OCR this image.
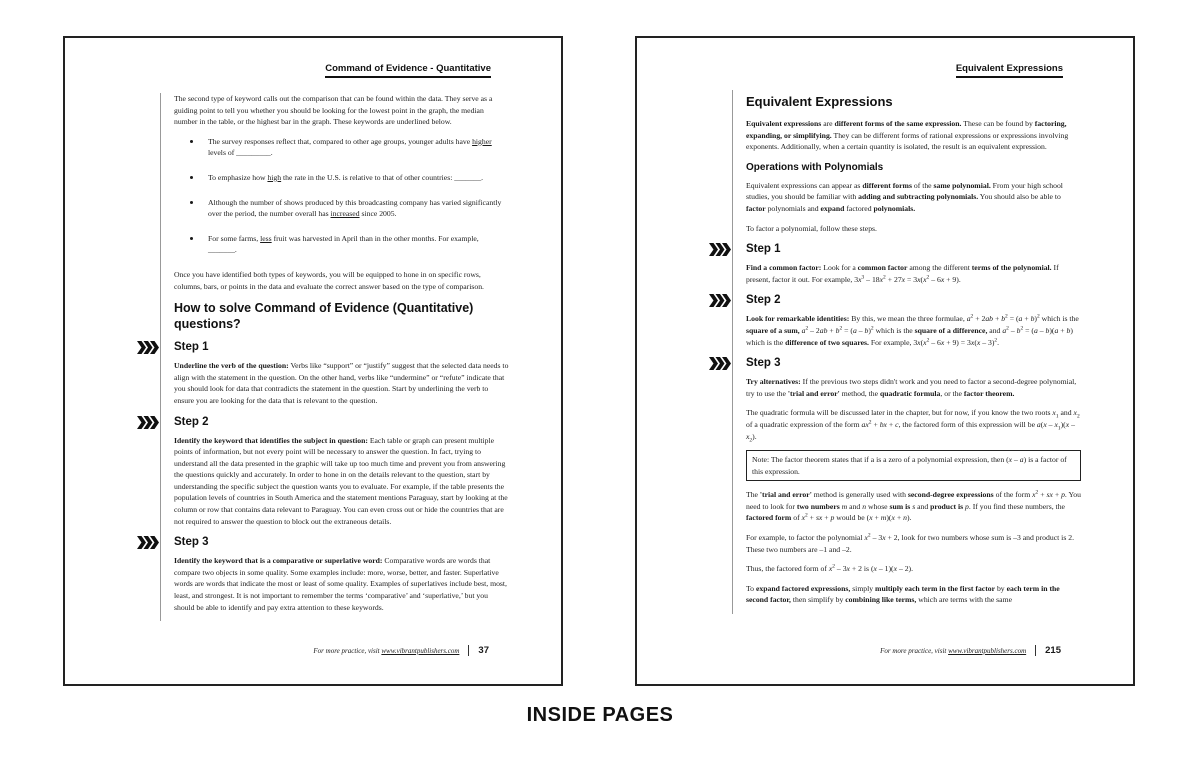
Command of Evidence - Quantitative

The second type of keyword calls out the comparison that can be found within the data. They serve as a guiding point to tell you whether you should be looking for the lowest point in the graph, the median number in the table, or the highest bar in the graph. These keywords are underlined below.

• The survey responses reflect that, compared to other age groups, younger adults have higher levels of _________.
• To emphasize how high the rate in the U.S. is relative to that of other countries: _______.
• Although the number of shows produced by this broadcasting company has varied significantly over the period, the number overall has increased since 2005.
• For some farms, less fruit was harvested in April than in the other months. For example, _______.

Once you have identified both types of keywords, you will be equipped to hone in on specific rows, columns, bars, or points in the data and evaluate the correct answer based on the type of comparison.

How to solve Command of Evidence (Quantitative) questions?
Step 1

Underline the verb of the question: Verbs like “support” or “justify” suggest that the selected data needs to align with the statement in the question. On the other hand, verbs like “undermine” or “refute” indicate that you should look for data that contradicts the statement in the question. Start by underlining the verb to ensure you are looking for the data that is relevant to the question.

Step 2

Identify the keyword that identifies the subject in question: Each table or graph can present multiple points of information, but not every point will be necessary to answer the question. In fact, trying to understand all the data presented in the graphic will take up too much time and prevent you from answering the questions quickly and accurately. In order to hone in on the details relevant to the question, start by understanding the specific subject the question wants you to evaluate. For example, if the table presents the population levels of countries in South America and the statement mentions Paraguay, start by looking at the column or row that contains data relevant to Paraguay. You can even cross out or hide the countries that are not required to answer the question to block out the extraneous details.

Step 3

Identify the keyword that is a comparative or superlative word: Comparative words are words that compare two objects in some quality. Some examples include: more, worse, better, and faster. Superlative words are words that indicate the most or least of some quality. Examples of superlatives include best, most, least, and strongest. It is not important to remember the terms ‘comparative’ and ‘superlative,’ but you should be able to identify and pay extra attention to these keywords.

For more practice, visit www.vibrantpublishers.com 37
Equivalent Expressions
Equivalent Expressions

Equivalent expressions are different forms of the same expression. These can be found by factoring, expanding, or simplifying. They can be different forms of rational expressions or expressions involving exponents. Additionally, when a certain quantity is isolated, the result is an equivalent expression.

Operations with Polynomials

Equivalent expressions can appear as different forms of the same polynomial. From your high school studies, you should be familiar with adding and subtracting polynomials. You should also be able to factor polynomials and expand factored polynomials.

To factor a polynomial, follow these steps.

Step 1

Find a common factor: Look for a common factor among the different terms of the polynomial. If present, factor it out. For example, $3x^3 - 18x^2 + 27x = 3x(x^2 - 6x + 9)$.

Step 2

Look for remarkable identities: By this, we mean the three formulae, $a^2 + 2ab + b^2 = (a + b)^2$ which is the square of a sum, $a^2 - 2ab + b^2 = (a - b)^2$ which is the square of a difference, and $a^2 - b^2 = (a - b)(a + b)$ which is the difference of two squares. For example, $3x(x^2 - 6x + 9) = 3x(x - 3)^2$.

Step 3

Try alternatives: If the previous two steps didn't work and you need to factor a second-degree polynomial, try to use the 'trial and error' method, the quadratic formula, or the factor theorem.

The quadratic formula will be discussed later in the chapter, but for now, if you know the two roots $x_1$ and $x_2$ of a quadratic expression of the form $ax^2$ + bx + c, the factored form of this expression will be $a(x - x_1)(x - x_2)$.

Note: The factor theorem states that if a is a zero of a polynomial expression, then (x – a) is a factor of this expression.

The 'trial and error' method is generally used with second-degree expressions of the form $x^2$ + sx + p. You need to look for two numbers m and n whose sum is s and product is p. If you find these numbers, the factored form of $x^2$ + sx + p would be (x + m)(x + n).

For example, to factor the polynomial $x^2 - 3x + 2$, look for two numbers whose sum is –3 and product is 2. These two numbers are –1 and –2.

Thus, the factored form of $x^2 - 3x + 2$ is (x – 1)(x – 2).

To expand factored expressions, simply multiply each term in the first factor by each term in the second factor, then simplify by combining like terms, which are terms with the same

For more practice, visit www.vibrantpublishers.com 215
INSIDE PAGES
